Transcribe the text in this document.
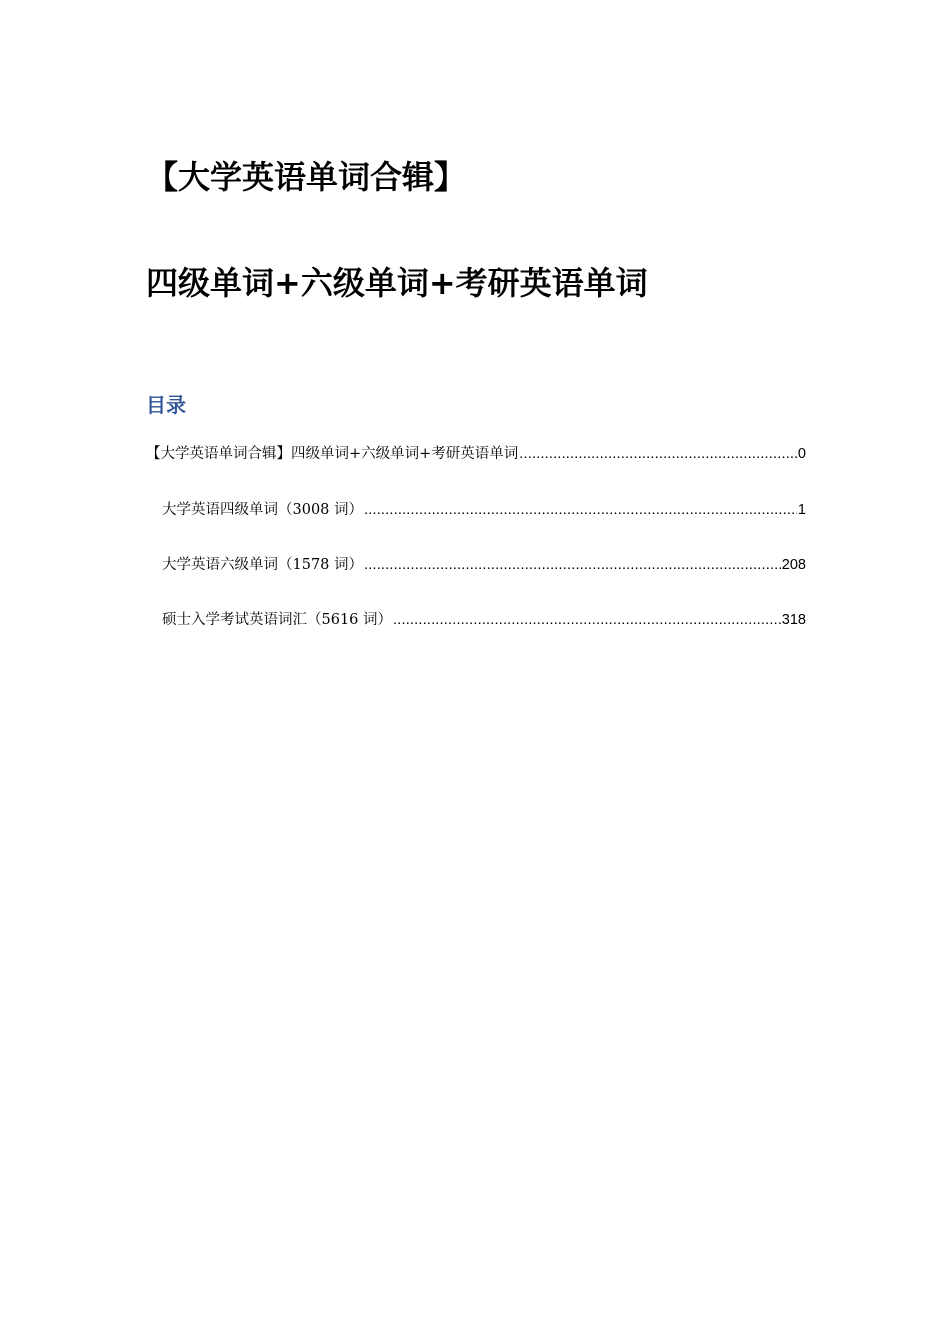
【大学英语单词合辑】
四级单词+六级单词+考研英语单词
目录
【大学英语单词合辑】四级单词+六级单词+考研英语单词 .....	0
大学英语四级单词（3008 词） .....	1
大学英语六级单词（1578 词） .....	208
硕士入学考试英语词汇（5616 词） .....	318
